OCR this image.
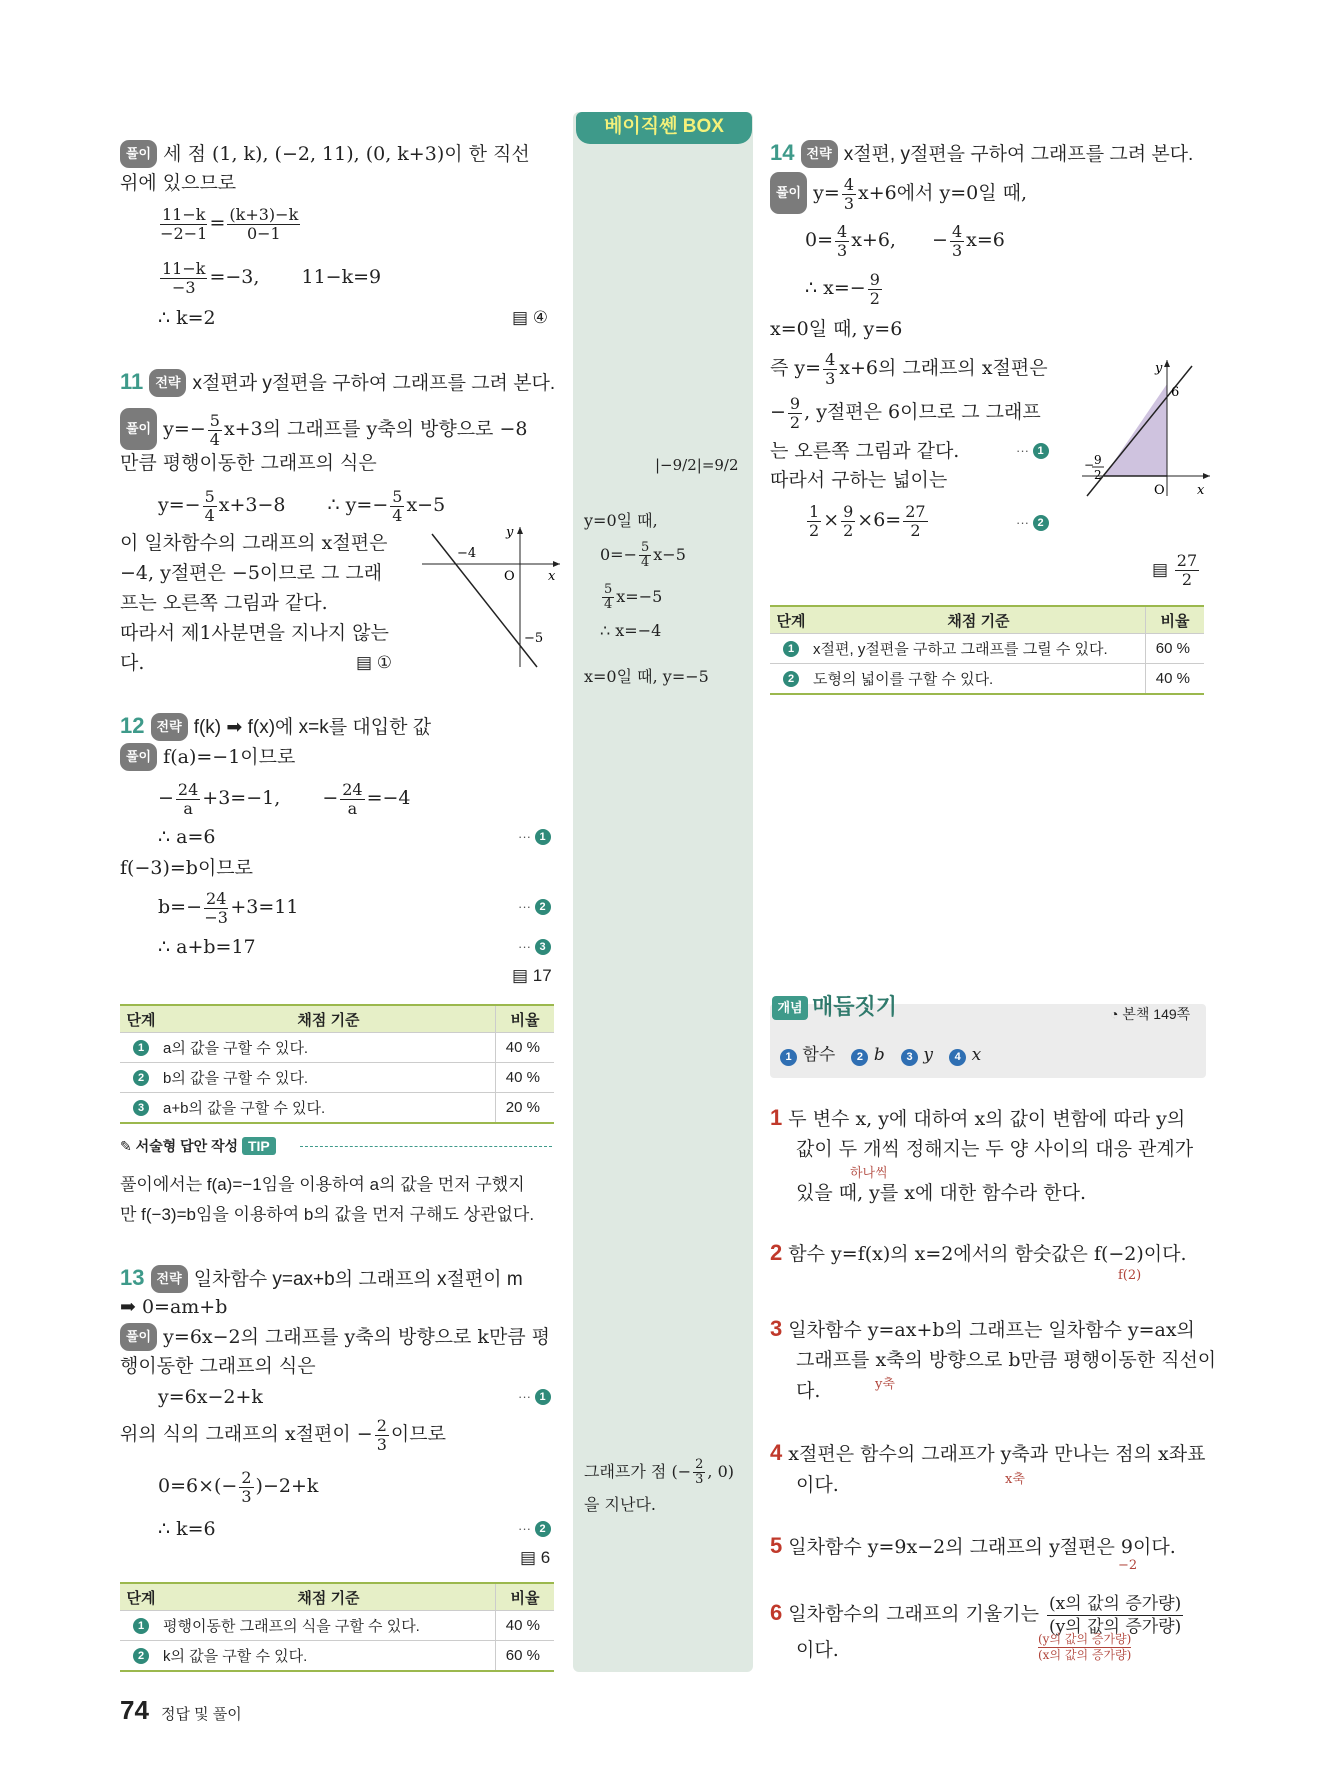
베이직쎈 BOX
풀이 세 점 (1, k), (−2, 11), (0, k+3)이 한 직선
위에 있으므로
$\frac{11-k}{-2-1} = \frac{(k+3)-k}{0-1}$
$\frac{11-k}{-3} =-3$, 11−k=9
∴ k=2	▤ ④
11 전략 x절편과 y절편을 구하여 그래프를 그려 본다.
풀이 $y=- \frac{5}{4} x+3$의 그래프를 y축의 방향으로 −8
만큼 평행이동한 그래프의 식은
$y=- \frac{5}{4} x+3-8$ ∴ $y=- \frac{5}{4} x-5$
이 일차함수의 그래프의 x절편은
−4, y절편은 −5이므로 그 그래
프는 오른쪽 그림과 같다.
따라서 제1사분면을 지나지 않는
다.	▤ ①
−4
O	x
y
−5
y=0일 때,
$0=- \frac{5}{4} x-5$
$\frac{5}{4} x=-5$
∴ x=−4
x=0일 때, y=−5
12 전략 f(k) ➡ f(x)에 x=k를 대입한 값
풀이 f(a)=−1이므로
− $\frac{24}{a} +3=-1$, − $\frac{24}{a} =-4$
∴ a=6	··· 1
f(−3)=b이므로
$b=- \frac{24}{-3} +3=11$	··· 2
∴ a+b=17	··· 3
▤ 17
단계	채점 기준	비율
1	a의 값을 구할 수 있다.	40 %
2	b의 값을 구할 수 있다.	40 %
3	a+b의 값을 구할 수 있다.	20 %
✎ 서술형 답안 작성 TIP
풀이에서는 f(a)=−1임을 이용하여 a의 값을 먼저 구했지
만 f(−3)=b임을 이용하여 b의 값을 먼저 구해도 상관없다.
13 전략 일차함수 y=ax+b의 그래프의 x절편이 m
➡ 0=am+b
풀이 y=6x−2의 그래프를 y축의 방향으로 k만큼 평
행이동한 그래프의 식은
y=6x−2+k	··· 1
위의 식의 그래프의 x절편이 − $\frac{2}{3}$ 이므로
$0=6\times(- \frac{2}{3} )-2+k$
∴ k=6	··· 2
▤ 6
그래프가 점 (− $\frac{2}{3}$ , 0)
을 지난다.
단계	채점 기준	비율
1	평행이동한 그래프의 식을 구할 수 있다.	40 %
2	k의 값을 구할 수 있다.	60 %
74 정답 및 풀이
14 전략 x절편, y절편을 구하여 그래프를 그려 본다.
풀이 $y= \frac{4}{3} x+6$에서 y=0일 때,
$0= \frac{4}{3} x+6$, − $\frac{4}{3} x=6$
∴ $x=- \frac{9}{2}$
x=0일 때, y=6
즉 $y= \frac{4}{3} x+6$의 그래프의 x절편은
− $\frac{9}{2}$ , y절편은 6이므로 그 그래프
는 오른쪽 그림과 같다.	··· 1
따라서 구하는 넓이는
$\frac{1}{2} \times \frac{9}{2} \times 6= \frac{27}{2}$	··· 2
▤ $\frac{27}{2}$
|−9/2|=9/2
y
6
x
O
− 9
2
단계	채점 기준	비율
1	x절편, y절편을 구하고 그래프를 그릴 수 있다.	60 %
2	도형의 넓이를 구할 수 있다.	40 %
개념 매듭짓기	◔ 본책 149쪽
1 함수 2 b 3 y 4 x
1 두 변수 x, y에 대하여 x의 값이 변함에 따라 y의
값이 두 개씩 정해지는 두 양 사이의 대응 관계가
하나씩
있을 때, y를 x에 대한 함수라 한다.
2 함수 y=f(x)의 x=2에서의 함숫값은 f(−2)이다.
f(2)
3 일차함수 y=ax+b의 그래프는 일차함수 y=ax의
그래프를 x축의 방향으로 b만큼 평행이동한 직선이
y축
다.
4 x절편은 함수의 그래프가 y축과 만나는 점의 x좌표
x축
이다.
5 일차함수 y=9x−2의 그래프의 y절편은 9이다.
−2
6 일차함수의 그래프의 기울기는 (x의 값의 증가량)
(y의 값의 증가량)
이다.	(y의 값의 증가량)
(x의 값의 증가량)
